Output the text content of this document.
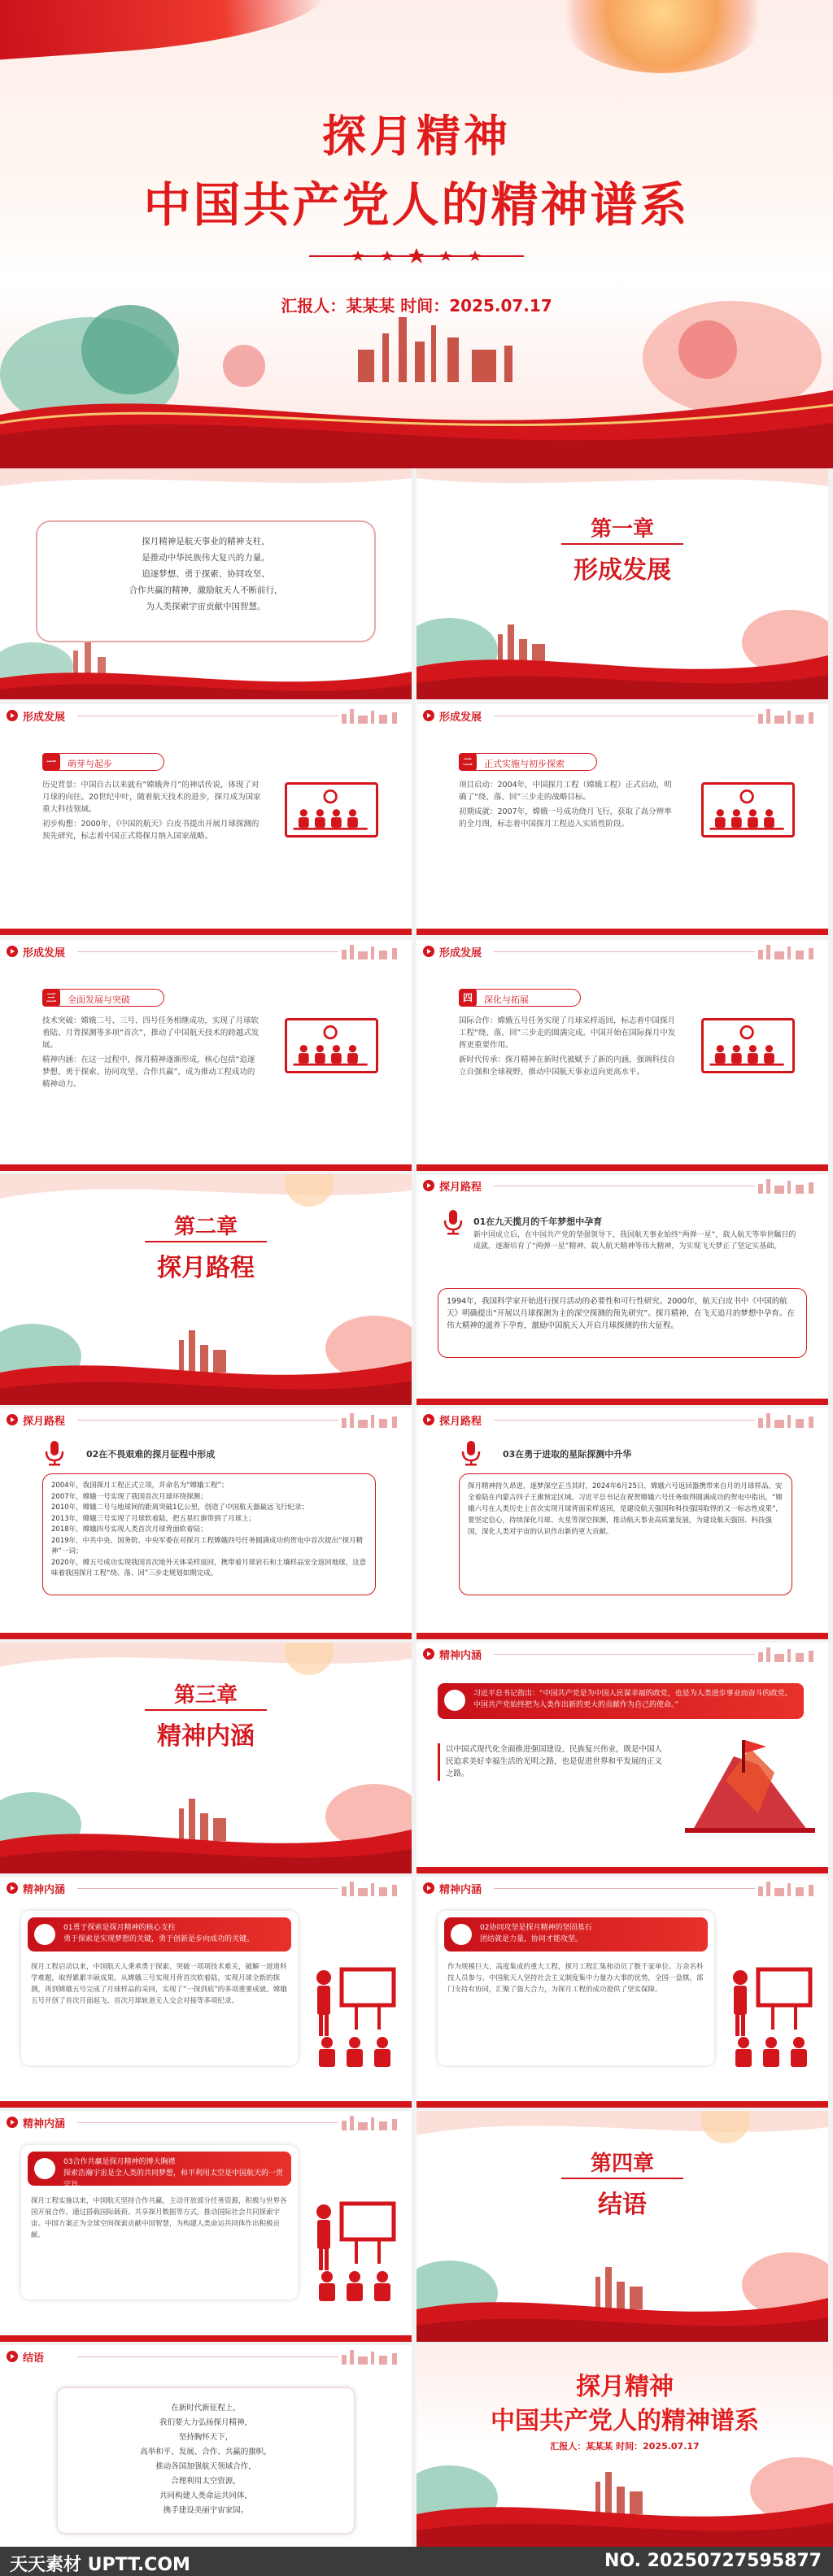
探月精神
中国共产党人的精神谱系
汇报人：某某某 时间：2025.07.17
探月精神是航天事业的精神支柱，
是推动中华民族伟大复兴的力量。
追逐梦想、勇于探索、协同攻坚、
合作共赢的精神，激励航天人不断前行，
为人类探索宇宙贡献中国智慧。
第一章
形成发展
形成发展
一	萌芽与起步

历史背景：中国自古以来就有“嫦娥奔月”的神话传说，体现了对月球的向往。20世纪中叶，随着航天技术的进步，探月成为国家重大科技领域。

初步构想：2000年，《中国的航天》白皮书提出开展月球探测的预先研究，标志着中国正式将探月纳入国家战略。

形成发展
二	正式实施与初步探索

项目启动：2004年，中国探月工程（嫦娥工程）正式启动，明确了“绕、落、回”三步走的战略目标。

初期成就：2007年，嫦娥一号成功绕月飞行，获取了高分辨率的全月图，标志着中国探月工程迈入实质性阶段。

形成发展
三	全面发展与突破

技术突破：嫦娥二号、三号、四号任务相继成功，实现了月球软着陆、月背探测等多项“首次”，推动了中国航天技术的跨越式发展。

精神内涵：在这一过程中，探月精神逐渐形成，核心包括“追逐梦想、勇于探索、协同攻坚、合作共赢”，成为推动工程成功的精神动力。

形成发展
四	深化与拓展

国际合作：嫦娥五号任务实现了月球采样返回，标志着中国探月工程“绕、落、回”三步走的圆满完成。中国开始在国际探月中发挥更重要作用。

新时代传承：探月精神在新时代被赋予了新的内涵，强调科技自立自强和全球视野，推动中国航天事业迈向更高水平。

第二章
探月路程
探月路程
01在九天揽月的千年梦想中孕育
新中国成立后，在中国共产党的坚强领导下，我国航天事业始终“两弹一星”，载人航天等举世瞩目的成就，逐渐培育了“两弹一星”精神、载人航天精神等伟大精神，为实现飞天梦正了坚定实基础。
1994年，我国科学家开始进行探月活动的必要性和可行性研究。2000年，航天白皮书中《中国的航天》明确提出“开展以月球探测为主的深空探测的预先研究”。探月精神，在飞天追月的梦想中孕育。在伟大精神的滋养下孕育，激励中国航天人开启月球探测的伟大征程。
探月路程
02在不畏艰难的探月征程中形成
2004年，我国探月工程正式立项，并命名为“嫦娥工程”；
2007年，嫦娥一号实现了我国首次月球环绕探测；
2010年，嫦娥二号与地球间的距离突破1亿公里，创造了中国航天器最远飞行纪录；
2013年，嫦娥三号实现了月球软着陆，把五星红旗带到了月球上；
2018年，嫦娥四号实现人类首次月球背面软着陆；
2019年，中共中央、国务院、中央军委在对探月工程嫦娥四号任务圆满成功的贺电中首次提出“探月精神”一词；
2020年，嫦五号成功实现我国首次地外天体采样返回，携带着月球岩石和土壤样品安全返回地球，这意味着我国探月工程“绕、落、回”三步走规划如期完成。
探月路程
03在勇于进取的星际探测中升华
探月精神持久昂进，逐梦深空正当其时，2024年6月25日，嫦娥六号返回器携带来自月的月球样品，安全着陆在内蒙古四子王旗预定区域。习近平总书记在祝贺嫦娥六号任务取得圆满成功的贺电中指出，“嫦娥六号在人类历史上首次实现月球背面采样返回，是建设航天强国和科技强国取得的又一标志性成果”，要坚定信心，持续深化月球、火星等深空探测，推动航天事业高质量发展，为建设航天强国、科技强国，深化人类对宇宙的认识作出新的更大贡献。
第三章
精神内涵
精神内涵
习近平总书记指出：“中国共产党是为中国人民谋幸福的政党，也是为人类进步事业而奋斗的政党。中国共产党始终把为人类作出新的更大的贡献作为自己的使命。”
以中国式现代化全面推进强国建设、民族复兴伟业，既是中国人民追求美好幸福生活的光明之路，也是促进世界和平发展的正义之路。
精神内涵
01勇于探索是探月精神的核心支柱
勇于探索是实现梦想的关键，勇于创新是步向成功的关键。
探月工程启动以来，中国航天人秉承勇于探索、突破一项项技术难关，破解一道道科学难题，取得累累丰硕成果。从嫦娥三号实现月背首次软着陆，实现月球全新的探测，再到嫦娥五号完成了月球样品的采回，实现了“一探到底”的多项重要成就。嫦娥五号开创了首次月面起飞、首次月球轨道无人交会对接等多项纪录。
精神内涵
02协同攻坚是探月精神的坚固基石
团结就是力量，协同才能攻坚。
作为规模巨大、高度集成的重大工程，探月工程汇集和动员了数千家单位、万余名科技人员参与。中国航天人坚持社会主义制度集中力量办大事的优势，全国一盘棋，部门支持有协同，汇聚了强大合力，为探月工程的成功提供了坚实保障。
精神内涵
03合作共赢是探月精神的博大胸襟
探索浩瀚宇宙是全人类的共同梦想，和平利用太空是中国航天的一贯宗旨。
探月工程实施以来，中国航天坚持合作共赢，主动开放部分任务资源，积极与世界各国开展合作。通过搭载国际载荷、共享探月数据等方式，推动国际社会共同探索宇宙。中国方案正为全球空间探索贡献中国智慧，为构建人类命运共同体作出积极贡献。
第四章
结语
结语
在新时代新征程上，
我们要大力弘扬探月精神，
坚持胸怀天下，
高举和平、发展、合作、共赢的旗帜，
推动各国加强航天领域合作，
合理利用太空资源，
共同构建人类命运共同体，
携手建设美丽宇宙家园。
探月精神
中国共产党人的精神谱系
汇报人：某某某 时间：2025.07.17
天天素材 UPTT.COM	NO. 20250727595877
